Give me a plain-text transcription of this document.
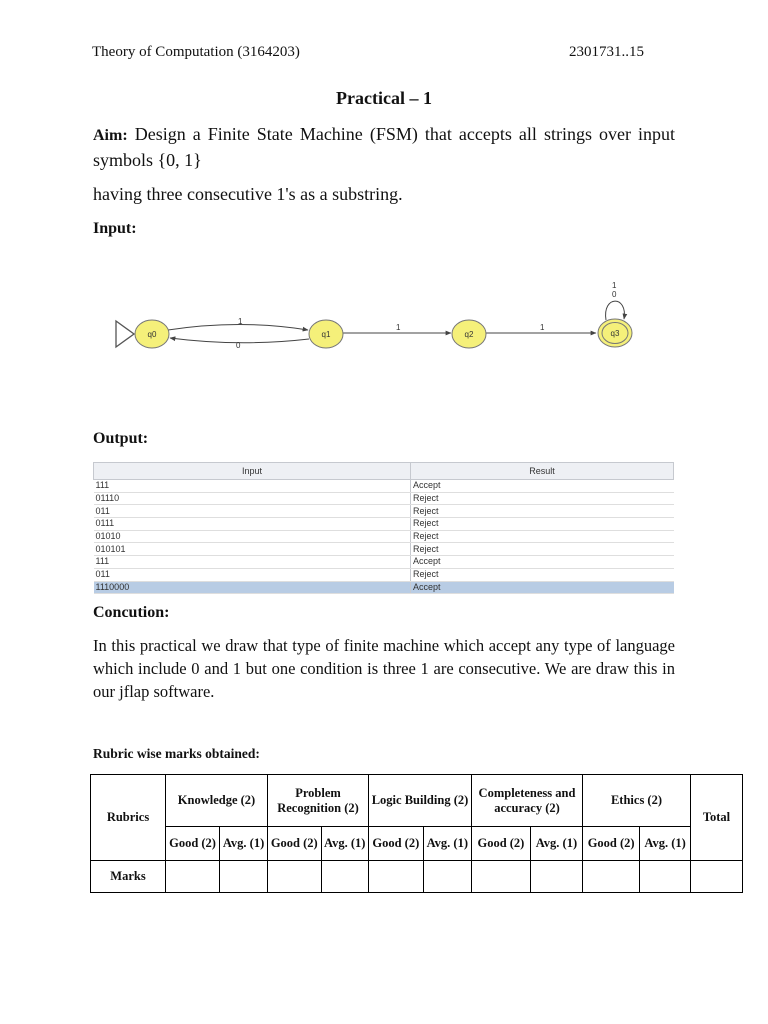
Theory of Computation (3164203)	2301731..15
Practical – 1
Aim: Design a Finite State Machine (FSM) that accepts all strings over input symbols {0, 1}
having three consecutive 1's as a substring.
Input:
1
0
1	1
1
0
q0	q1	q2	q3
Output:
Input	Result
111	Accept
01110	Reject
011	Reject
0111	Reject
01010	Reject
010101	Reject
111	Accept
011	Reject
1110000	Accept
Concution:
In this practical we draw that type of finite machine which accept any type of language which include 0 and 1 but one condition is three 1 are consecutive. We are draw this in our jflap software.
Rubric wise marks obtained:
Rubrics	Knowledge (2)		Problem Recognition (2)		Logic Building (2)		Completeness and accuracy (2)		Ethics (2)		Total
	Good (2)	Avg. (1)	Good (2)	Avg. (1)	Good (2)	Avg. (1)	Good (2)	Avg. (1)	Good (2)	Avg. (1)	
Marks											
